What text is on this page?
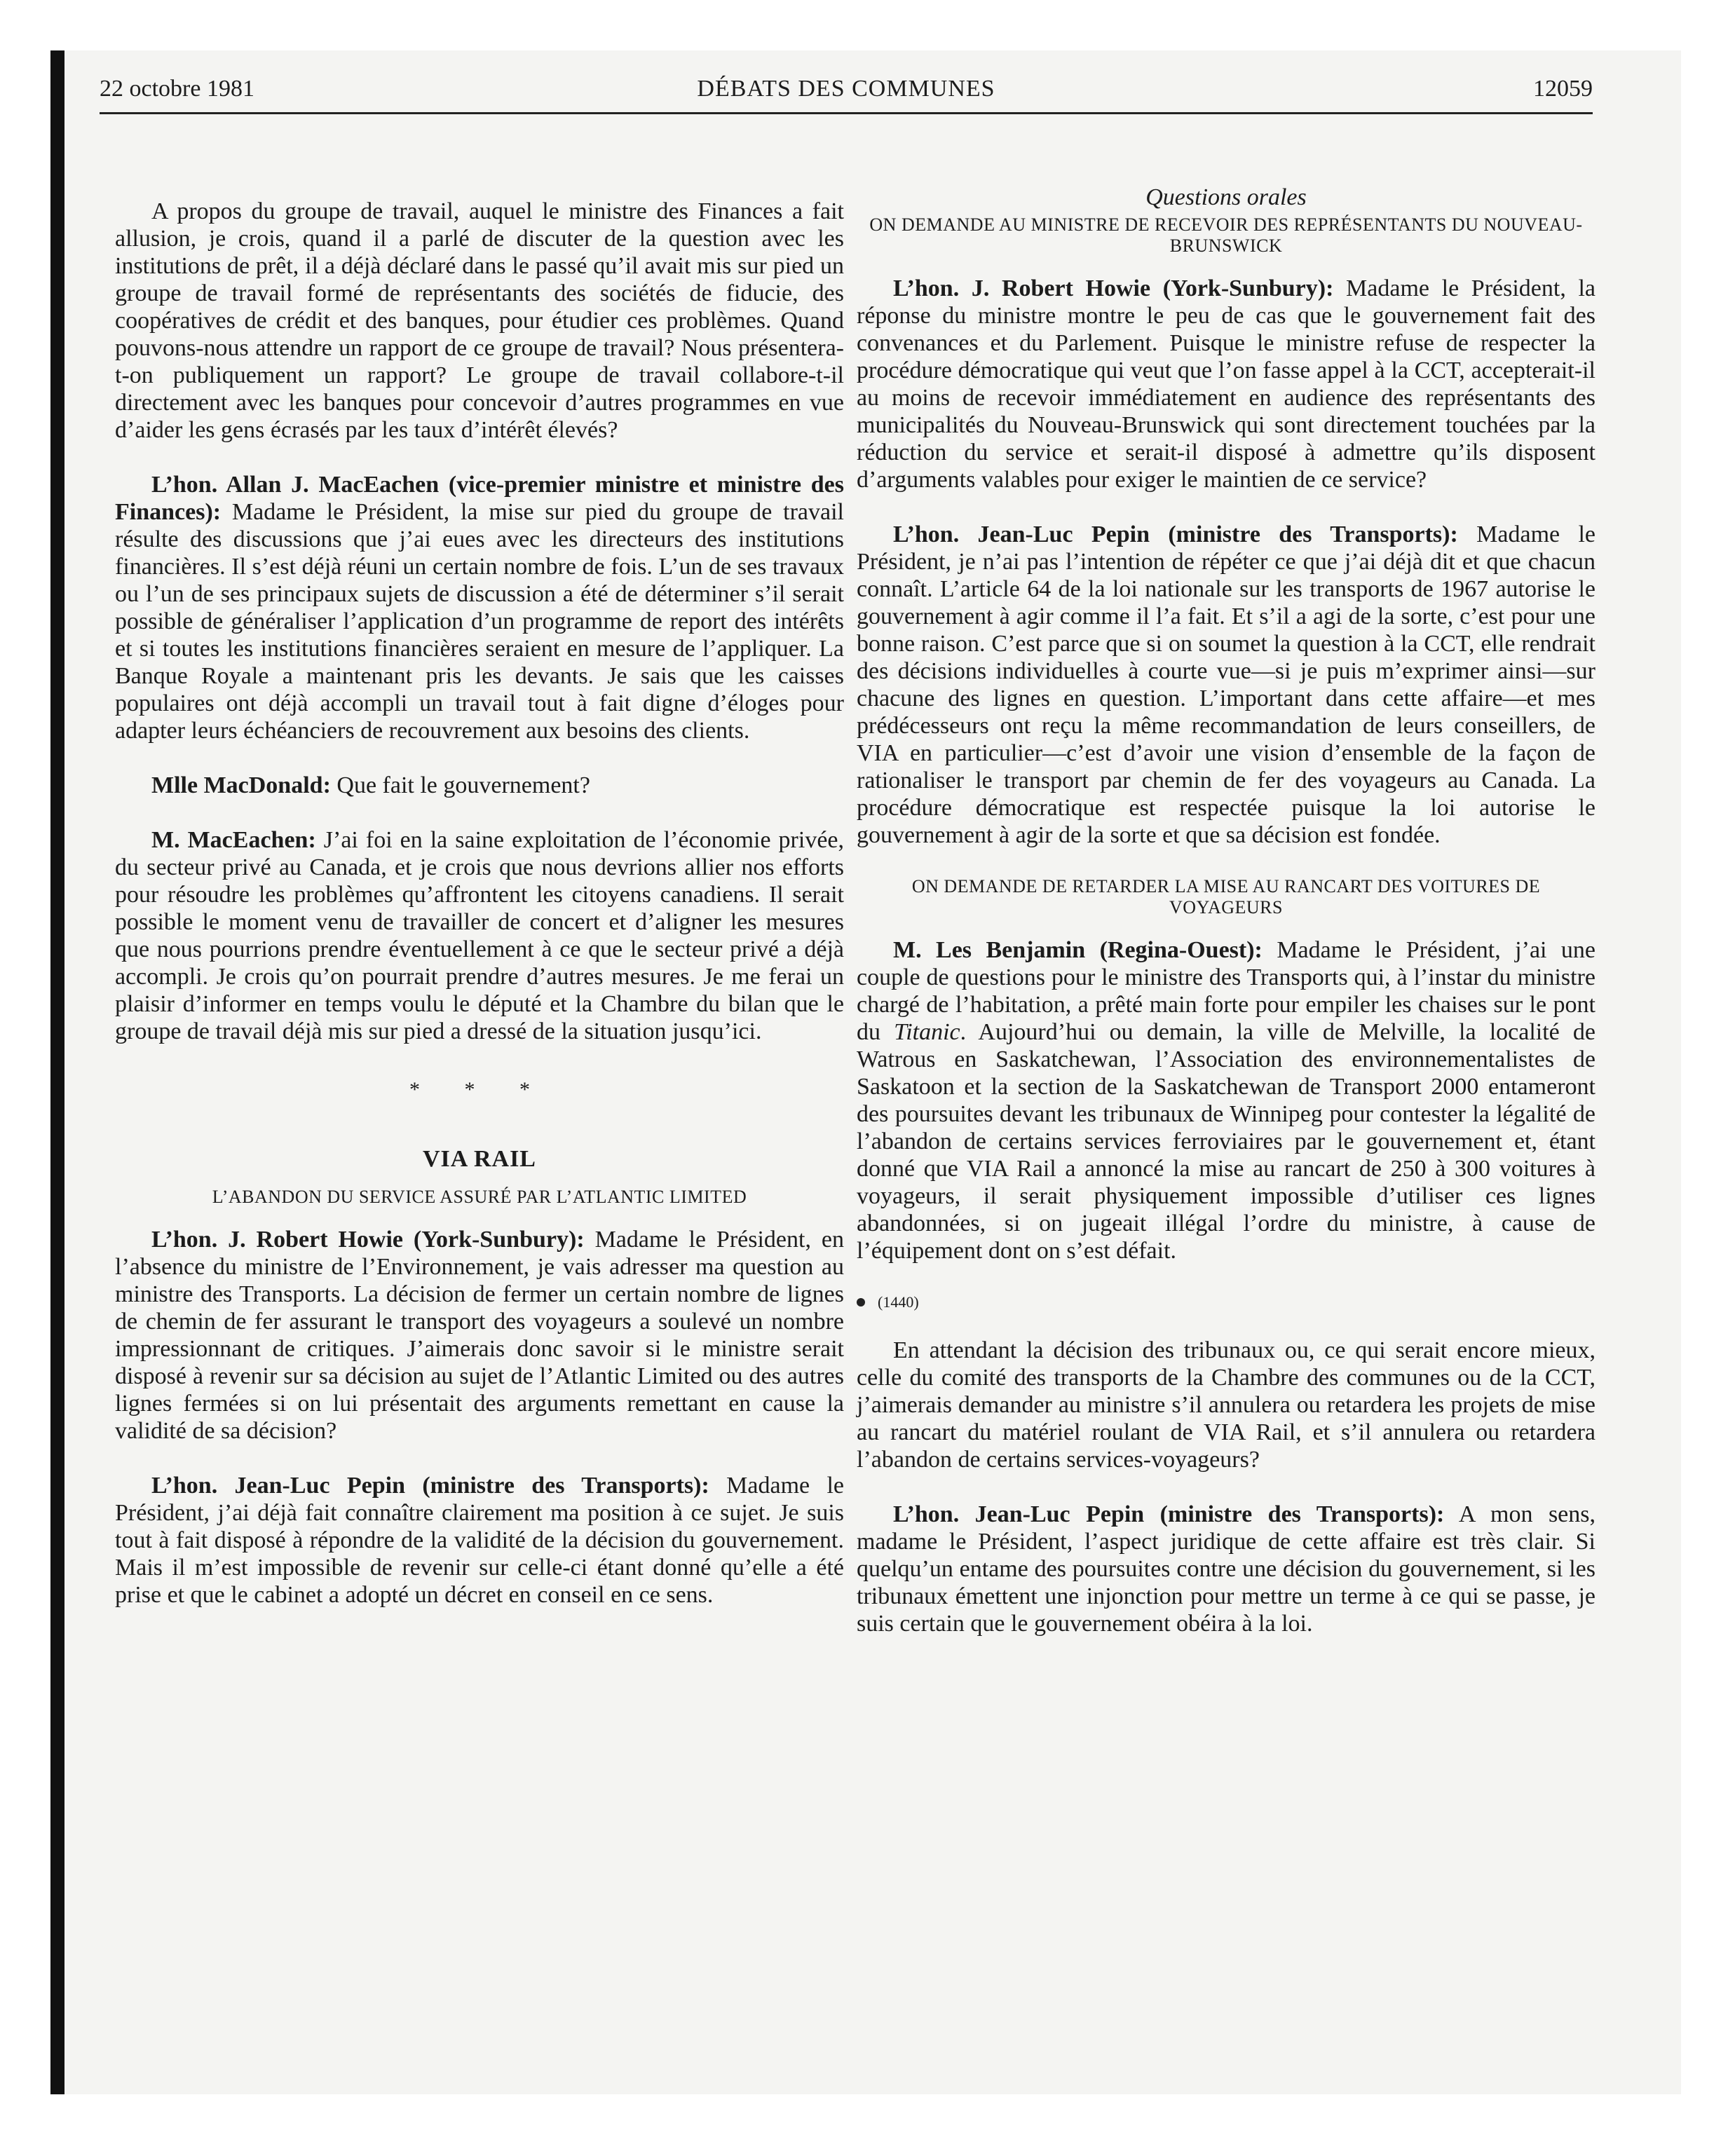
22 octobre 1981	DÉBATS DES COMMUNES	12059

A propos du groupe de travail, auquel le ministre des Finances a fait allusion, je crois, quand il a parlé de discuter de la question avec les institutions de prêt, il a déjà déclaré dans le passé qu’il avait mis sur pied un groupe de travail formé de représentants des sociétés de fiducie, des coopératives de crédit et des banques, pour étudier ces problèmes. Quand pouvons-nous attendre un rapport de ce groupe de travail? Nous présentera-t-on publiquement un rapport? Le groupe de travail collabore-t-il directement avec les banques pour concevoir d’autres programmes en vue d’aider les gens écrasés par les taux d’intérêt élevés?

L’hon. Allan J. MacEachen (vice-premier ministre et ministre des Finances): Madame le Président, la mise sur pied du groupe de travail résulte des discussions que j’ai eues avec les directeurs des institutions financières. Il s’est déjà réuni un certain nombre de fois. L’un de ses travaux ou l’un de ses principaux sujets de discussion a été de déterminer s’il serait possible de généraliser l’application d’un programme de report des intérêts et si toutes les institutions financières seraient en mesure de l’appliquer. La Banque Royale a maintenant pris les devants. Je sais que les caisses populaires ont déjà accompli un travail tout à fait digne d’éloges pour adapter leurs échéanciers de recouvrement aux besoins des clients.

Mlle MacDonald: Que fait le gouvernement?

M. MacEachen: J’ai foi en la saine exploitation de l’économie privée, du secteur privé au Canada, et je crois que nous devrions allier nos efforts pour résoudre les problèmes qu’affrontent les citoyens canadiens. Il serait possible le moment venu de travailler de concert et d’aligner les mesures que nous pourrions prendre éventuellement à ce que le secteur privé a déjà accompli. Je crois qu’on pourrait prendre d’autres mesures. Je me ferai un plaisir d’informer en temps voulu le député et la Chambre du bilan que le groupe de travail déjà mis sur pied a dressé de la situation jusqu’ici.

* * *
VIA RAIL
L’ABANDON DU SERVICE ASSURÉ PAR L’ATLANTIC LIMITED

L’hon. J. Robert Howie (York-Sunbury): Madame le Président, en l’absence du ministre de l’Environnement, je vais adresser ma question au ministre des Transports. La décision de fermer un certain nombre de lignes de chemin de fer assurant le transport des voyageurs a soulevé un nombre impressionnant de critiques. J’aimerais donc savoir si le ministre serait disposé à revenir sur sa décision au sujet de l’Atlantic Limited ou des autres lignes fermées si on lui présentait des arguments remettant en cause la validité de sa décision?

L’hon. Jean-Luc Pepin (ministre des Transports): Madame le Président, j’ai déjà fait connaître clairement ma position à ce sujet. Je suis tout à fait disposé à répondre de la validité de la décision du gouvernement. Mais il m’est impossible de revenir sur celle-ci étant donné qu’elle a été prise et que le cabinet a adopté un décret en conseil en ce sens.

Questions orales
ON DEMANDE AU MINISTRE DE RECEVOIR DES REPRÉSENTANTS DU NOUVEAU-BRUNSWICK

L’hon. J. Robert Howie (York-Sunbury): Madame le Président, la réponse du ministre montre le peu de cas que le gouvernement fait des convenances et du Parlement. Puisque le ministre refuse de respecter la procédure démocratique qui veut que l’on fasse appel à la CCT, accepterait-il au moins de recevoir immédiatement en audience des représentants des municipalités du Nouveau-Brunswick qui sont directement touchées par la réduction du service et serait-il disposé à admettre qu’ils disposent d’arguments valables pour exiger le maintien de ce service?

L’hon. Jean-Luc Pepin (ministre des Transports): Madame le Président, je n’ai pas l’intention de répéter ce que j’ai déjà dit et que chacun connaît. L’article 64 de la loi nationale sur les transports de 1967 autorise le gouvernement à agir comme il l’a fait. Et s’il a agi de la sorte, c’est pour une bonne raison. C’est parce que si on soumet la question à la CCT, elle rendrait des décisions individuelles à courte vue—si je puis m’exprimer ainsi—sur chacune des lignes en question. L’important dans cette affaire—et mes prédécesseurs ont reçu la même recommandation de leurs conseillers, de VIA en particulier—c’est d’avoir une vision d’ensemble de la façon de rationaliser le transport par chemin de fer des voyageurs au Canada. La procédure démocratique est respectée puisque la loi autorise le gouvernement à agir de la sorte et que sa décision est fondée.

ON DEMANDE DE RETARDER LA MISE AU RANCART DES VOITURES DE VOYAGEURS

M. Les Benjamin (Regina-Ouest): Madame le Président, j’ai une couple de questions pour le ministre des Transports qui, à l’instar du ministre chargé de l’habitation, a prêté main forte pour empiler les chaises sur le pont du Titanic. Aujourd’hui ou demain, la ville de Melville, la localité de Watrous en Saskatchewan, l’Association des environnementalistes de Saskatoon et la section de la Saskatchewan de Transport 2000 entameront des poursuites devant les tribunaux de Winnipeg pour contester la légalité de l’abandon de certains services ferroviaires par le gouvernement et, étant donné que VIA Rail a annoncé la mise au rancart de 250 à 300 voitures à voyageurs, il serait physiquement impossible d’utiliser ces lignes abandonnées, si on jugeait illégal l’ordre du ministre, à cause de l’équipement dont on s’est défait.

(1440)

En attendant la décision des tribunaux ou, ce qui serait encore mieux, celle du comité des transports de la Chambre des communes ou de la CCT, j’aimerais demander au ministre s’il annulera ou retardera les projets de mise au rancart du matériel roulant de VIA Rail, et s’il annulera ou retardera l’abandon de certains services-voyageurs?

L’hon. Jean-Luc Pepin (ministre des Transports): A mon sens, madame le Président, l’aspect juridique de cette affaire est très clair. Si quelqu’un entame des poursuites contre une décision du gouvernement, si les tribunaux émettent une injonction pour mettre un terme à ce qui se passe, je suis certain que le gouvernement obéira à la loi.
